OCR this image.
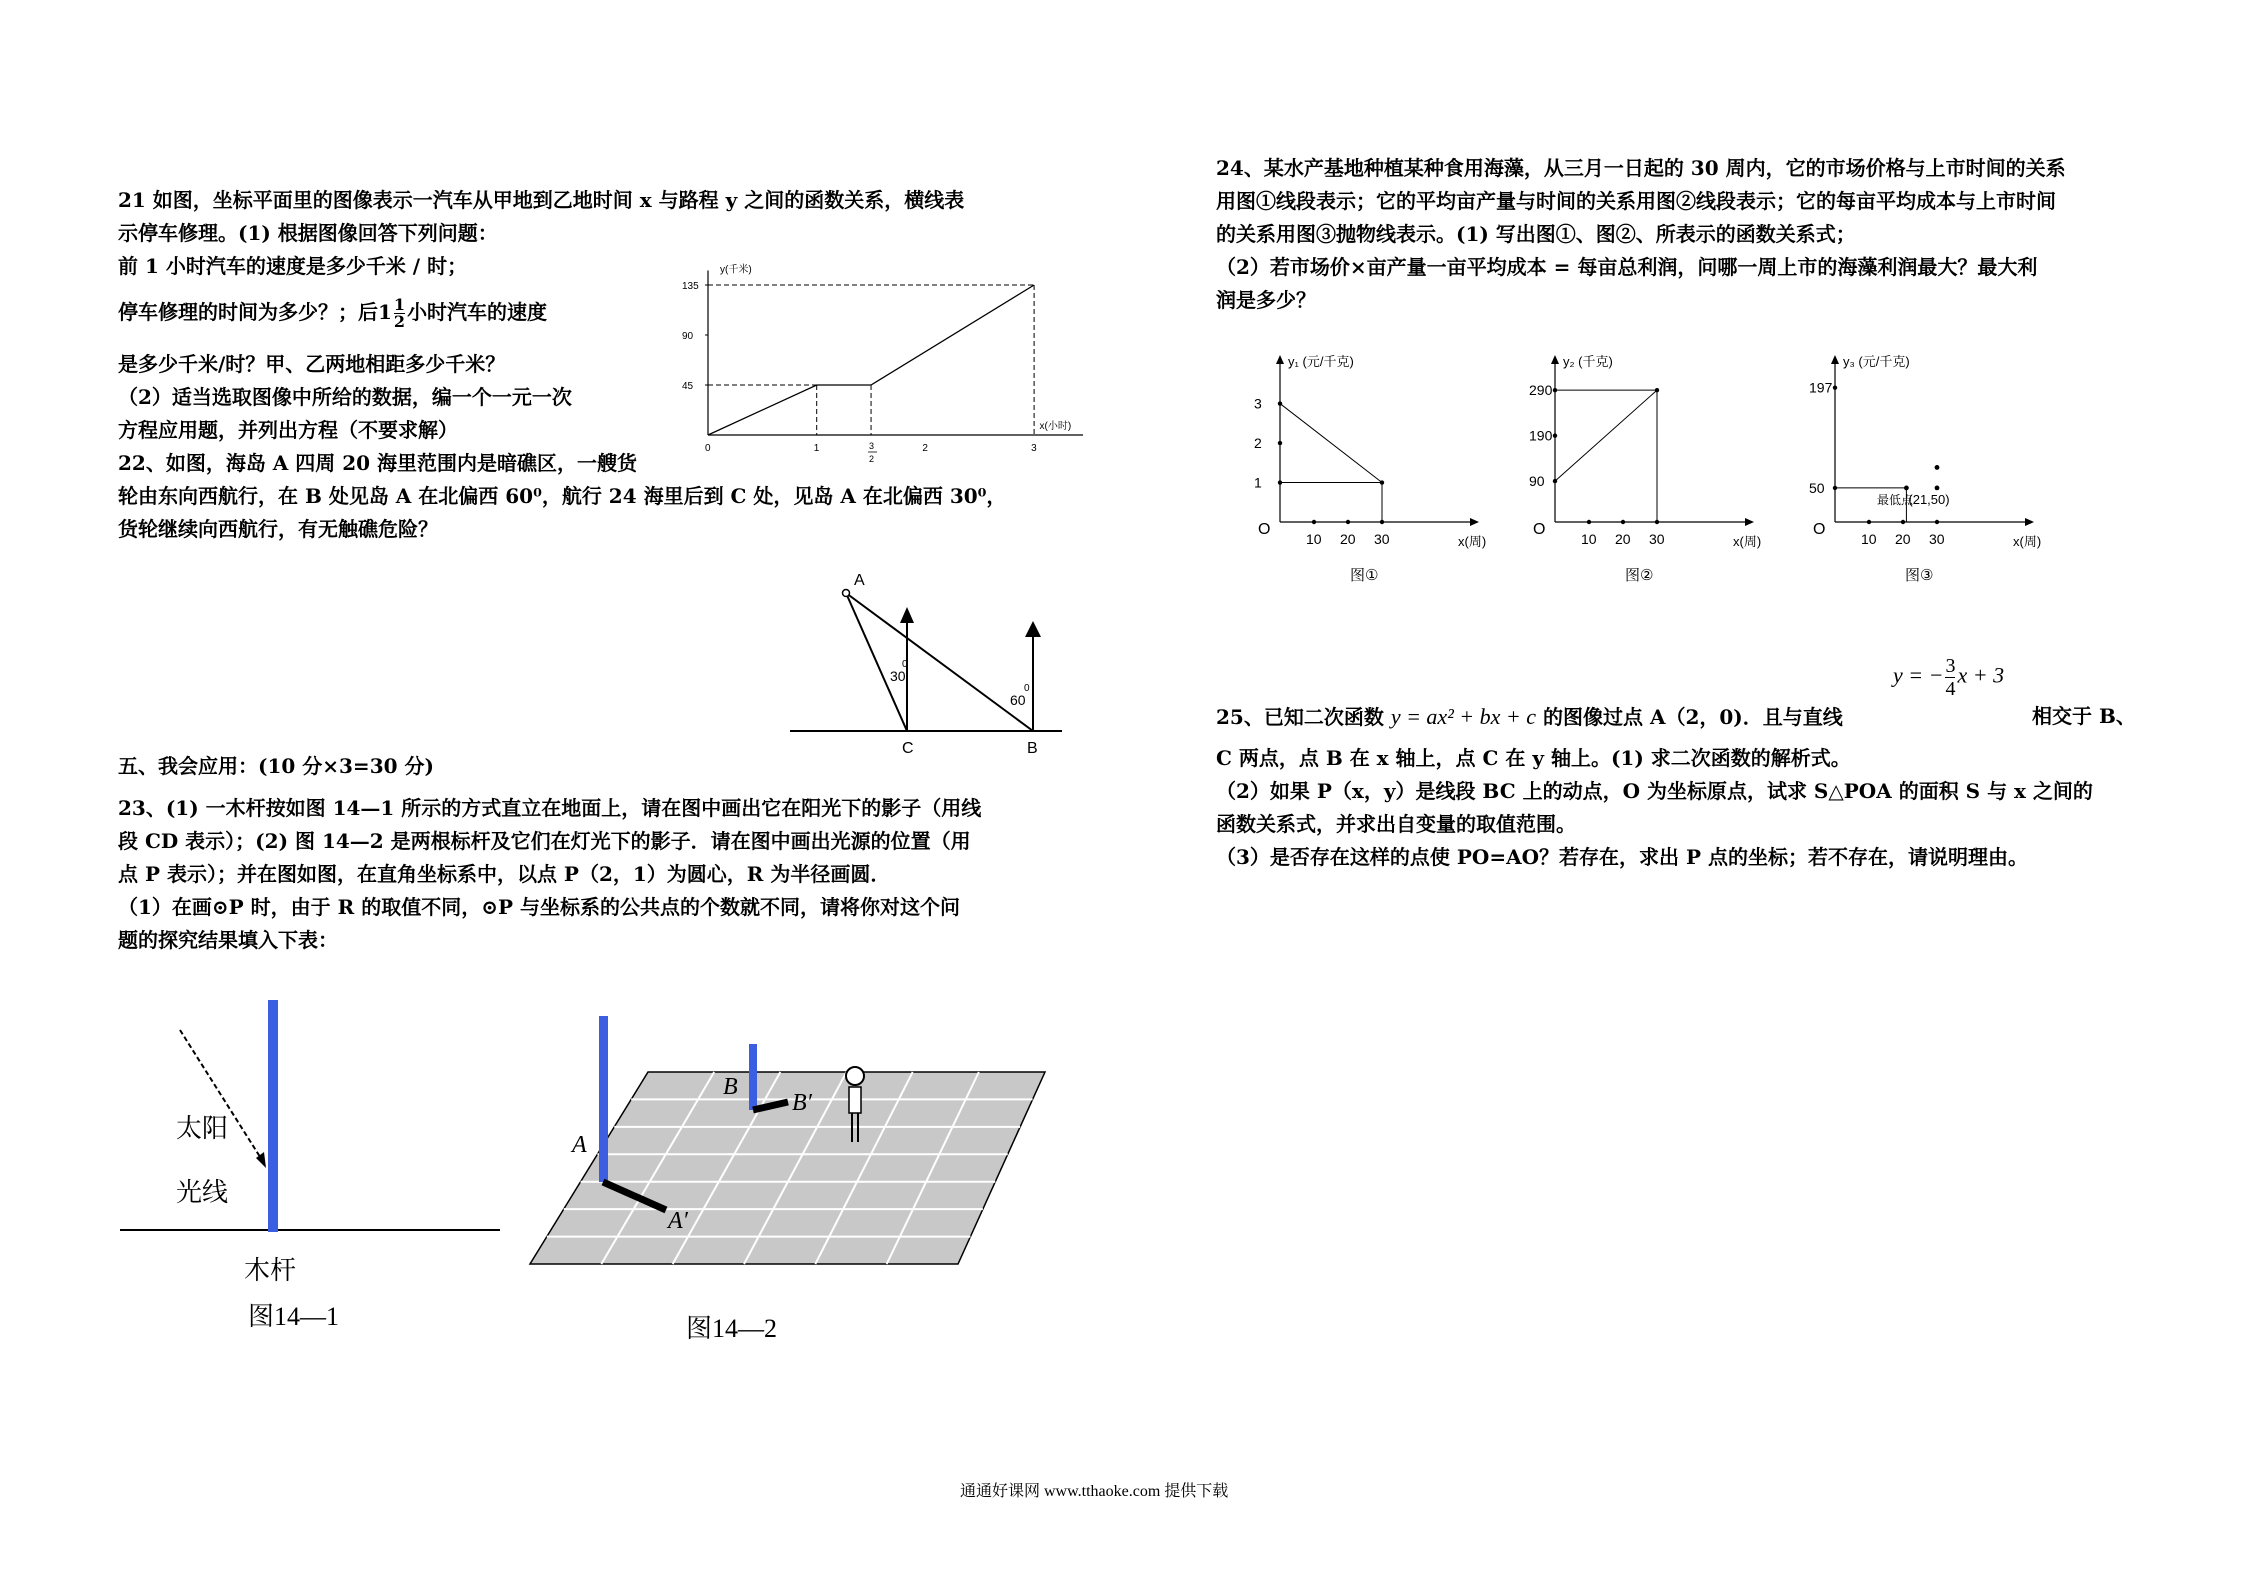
21 如图，坐标平面里的图像表示一汽车从甲地到乙地时间 x 与路程 y 之间的函数关系，横线表
示停车修理。(1) 根据图像回答下列问题：
前 1 小时汽车的速度是多少千米 / 时；
停车修理的时间为多少？；后$1 \frac{1}{2}$ 小时汽车的速度
是多少千米/时？甲、乙两地相距多少千米？
（2）适当选取图像中所给的数据，编一个一元一次
方程应用题，并列出方程（不要求解）
y(千米)
x(小时)
45
90
135
0	1	3
2
2	3
22、如图，海岛 A 四周 20 海里范围内是暗礁区，一艘货
轮由东向西航行，在 B 处见岛 A 在北偏西 60⁰，航行 24 海里后到 C 处，见岛 A 在北偏西 30⁰，
货轮继续向西航行，有无触礁危险？
A
C	B
30
0
60
0
五、我会应用：(10 分×3=30 分)
23、(1) 一木杆按如图 14—1 所示的方式直立在地面上，请在图中画出它在阳光下的影子（用线
段 CD 表示）；(2) 图 14—2 是两根标杆及它们在灯光下的影子．请在图中画出光源的位置（用
点 P 表示）；并在图如图，在直角坐标系中，以点 P（2，1）为圆心，R 为半径画圆．
（1）在画⊙P 时，由于 R 的取值不同，⊙P 与坐标系的公共点的个数就不同，请将你对这个问
题的探究结果填入下表：
太阳
光线
木杆
图14—1
A
A′
B
B′
图14—2
24、某水产基地种植某种食用海藻，从三月一日起的 30 周内，它的市场价格与上市时间的关系
用图①线段表示；它的平均亩产量与时间的关系用图②线段表示；它的每亩平均成本与上市时间
的关系用图③抛物线表示。(1) 写出图①、图②、所表示的函数关系式；
（2）若市场价×亩产量一亩平均成本 = 每亩总利润，问哪一周上市的海藻利润最大？最大利
润是多少？
y₁ (元/千克)
x(周)
O
10 20 30
1
2
3
图①
y₂ (千克)
x(周)
O
10 20 30
90
190
290
图②
y₃ (元/千克)
x(周)
O
10 20 30
50
197
图③
最低点
(21,50)
25、已知二次函数 y = ax² + bx + c 的图像过点 A（2，0)．且与直线
y = − $\frac{3}{4}$ x + 3
相交于 B、
C 两点，点 B 在 x 轴上，点 C 在 y 轴上。(1) 求二次函数的解析式。
（2）如果 P（x，y）是线段 BC 上的动点，O 为坐标原点，试求 S△POA 的面积 S 与 x 之间的
函数关系式，并求出自变量的取值范围。
（3）是否存在这样的点使 PO=AO？若存在，求出 P 点的坐标；若不存在，请说明理由。
通通好课网 www.tthaoke.com 提供下载
